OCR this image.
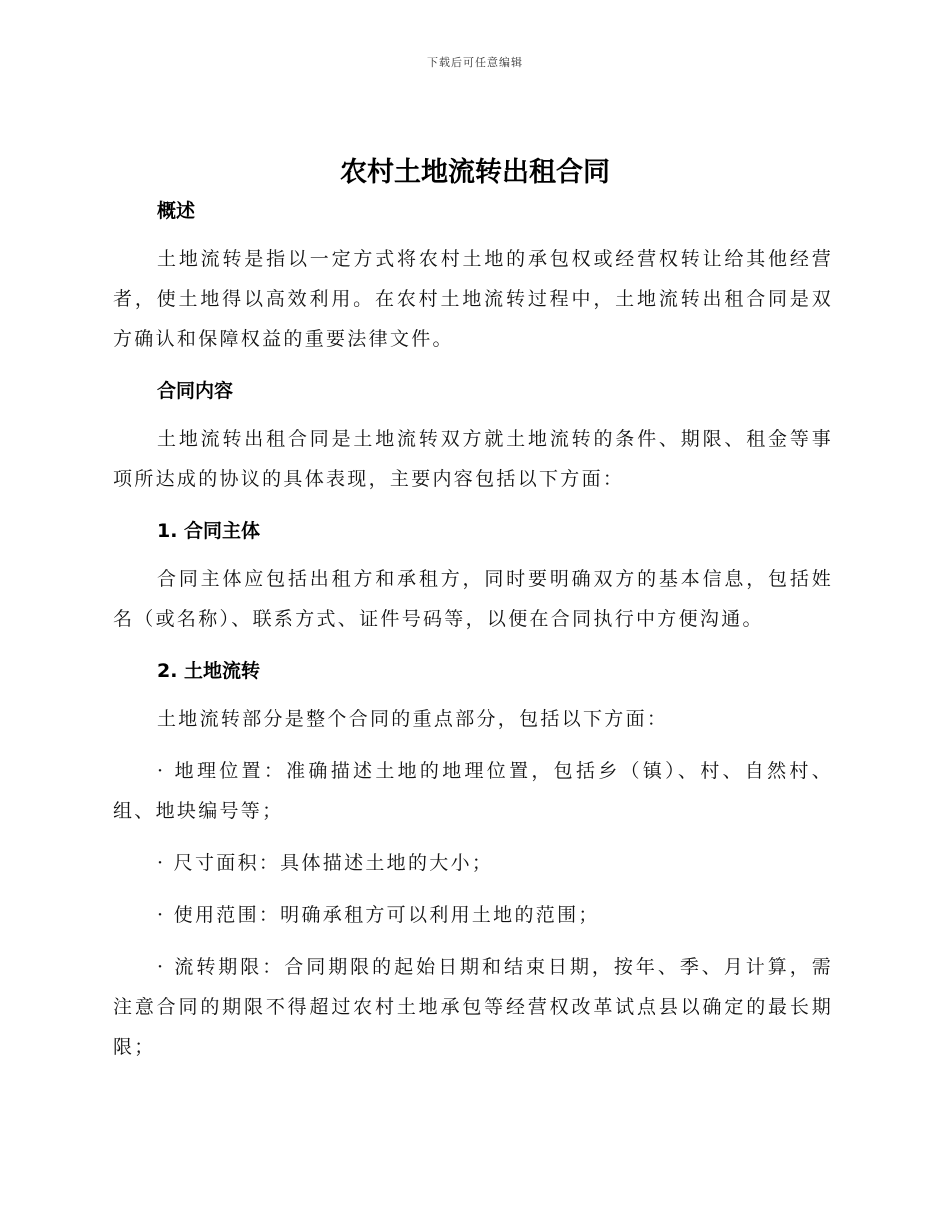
下载后可任意编辑
农村土地流转出租合同

概述

土地流转是指以一定方式将农村土地的承包权或经营权转让给其他经营者，使土地得以高效利用。在农村土地流转过程中，土地流转出租合同是双方确认和保障权益的重要法律文件。

合同内容

土地流转出租合同是土地流转双方就土地流转的条件、期限、租金等事项所达成的协议的具体表现，主要内容包括以下方面：

1. 合同主体

合同主体应包括出租方和承租方，同时要明确双方的基本信息，包括姓名（或名称）、联系方式、证件号码等，以便在合同执行中方便沟通。

2. 土地流转

土地流转部分是整个合同的重点部分，包括以下方面：

· 地理位置：准确描述土地的地理位置，包括乡（镇）、村、自然村、组、地块编号等；

· 尺寸面积：具体描述土地的大小；

· 使用范围：明确承租方可以利用土地的范围；

· 流转期限：合同期限的起始日期和结束日期，按年、季、月计算，需注意合同的期限不得超过农村土地承包等经营权改革试点县以确定的最长期限；
